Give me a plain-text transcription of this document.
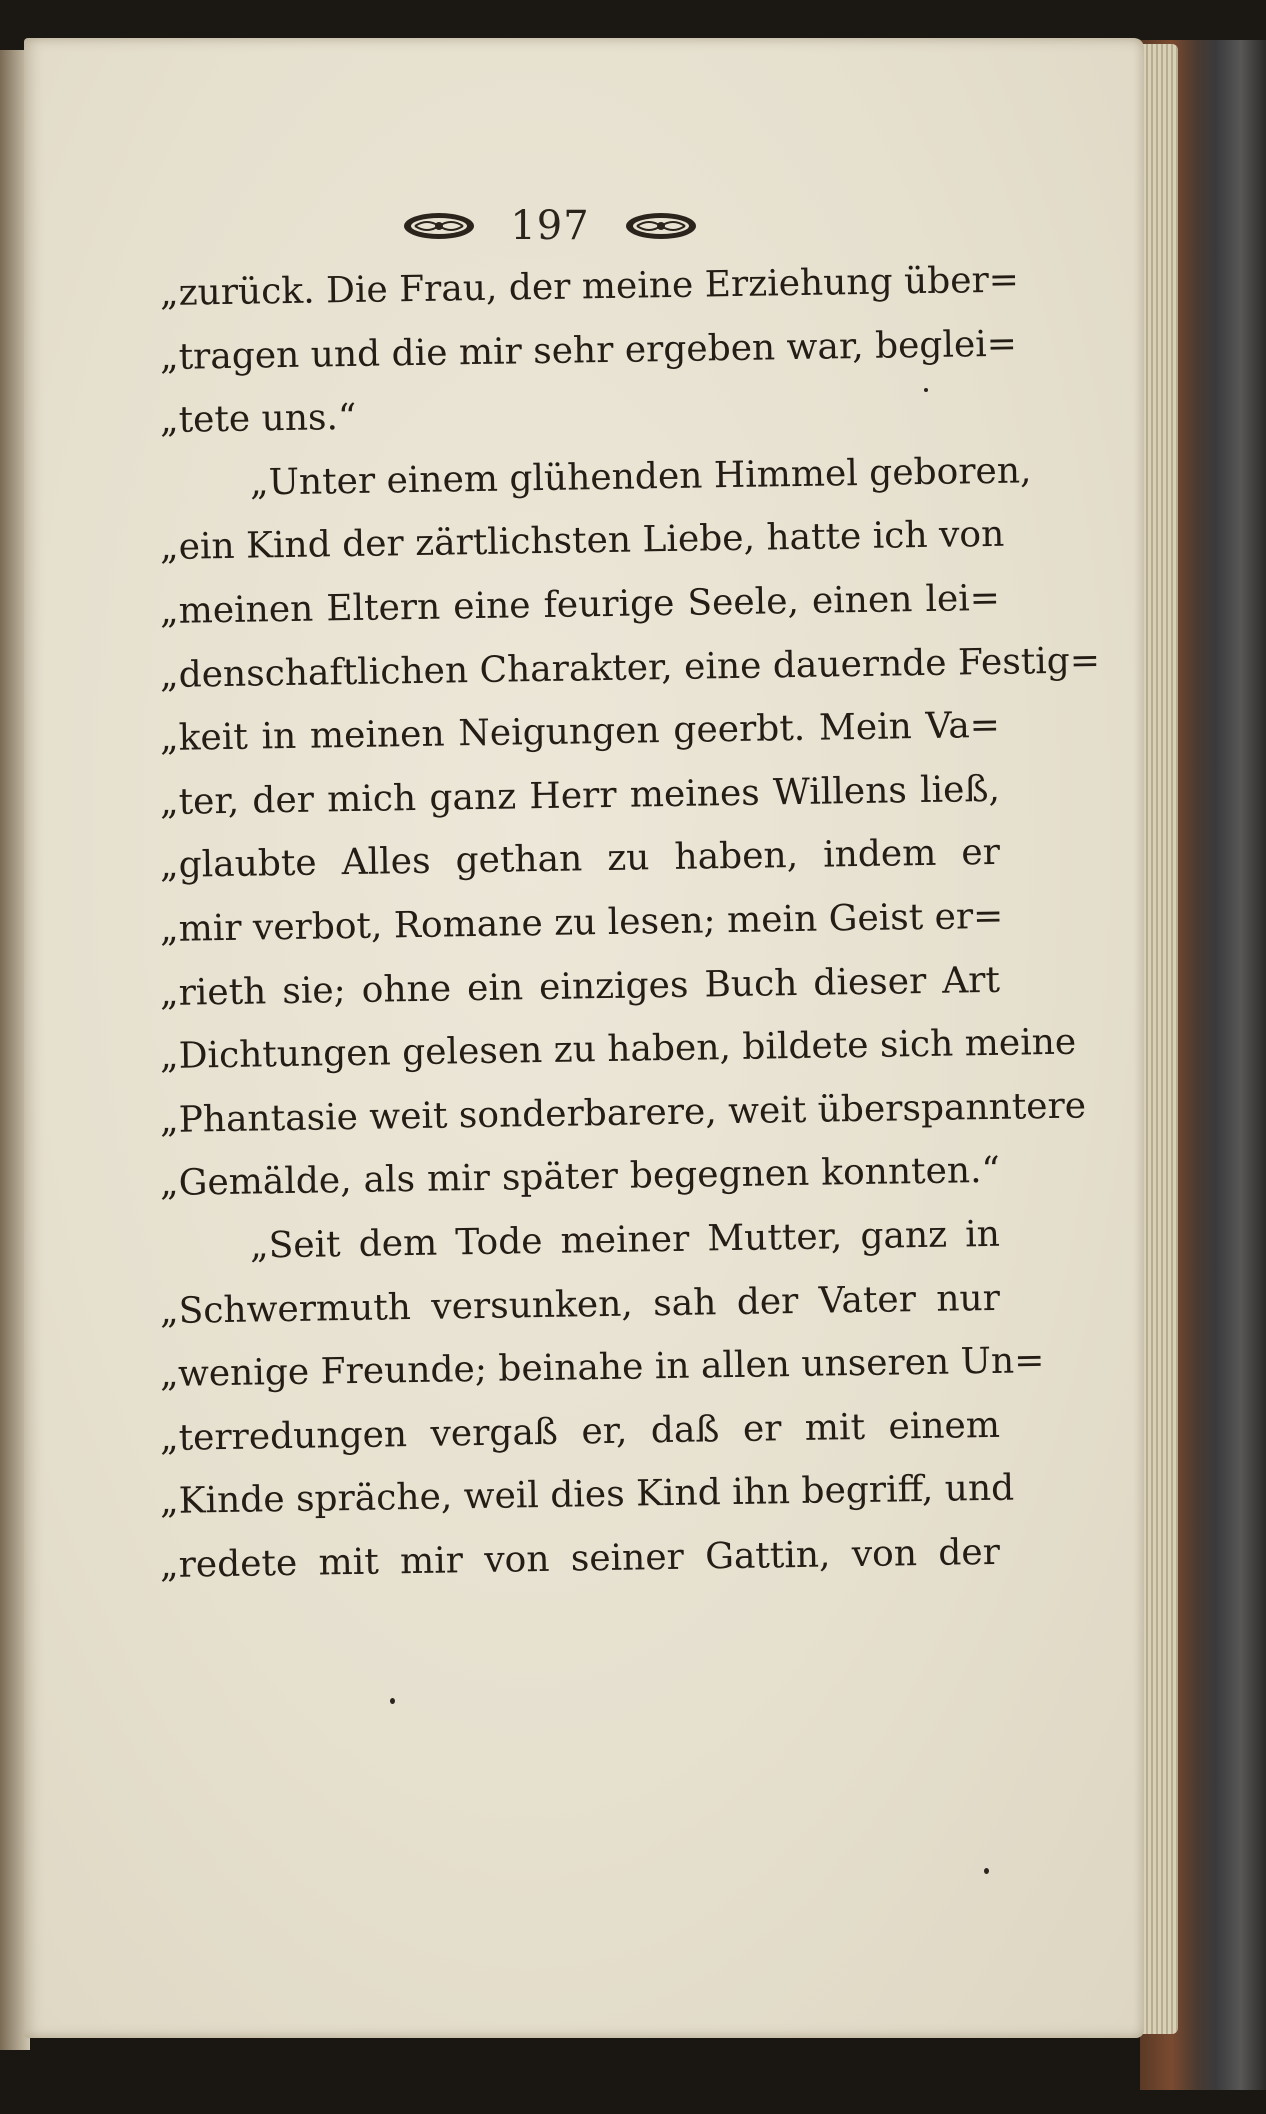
197
„zurück. Die Frau, der meine Erziehung über=
„tragen und die mir sehr ergeben war, beglei=
„tete uns.“
„Unter einem glühenden Himmel geboren,
„ein Kind der zärtlichsten Liebe, hatte ich von
„meinen Eltern eine feurige Seele, einen lei=
„denschaftlichen Charakter, eine dauernde Festig=
„keit in meinen Neigungen geerbt. Mein Va=
„ter, der mich ganz Herr meines Willens ließ,
„glaubte Alles gethan zu haben, indem er
„mir verbot, Romane zu lesen; mein Geist er=
„rieth sie; ohne ein einziges Buch dieser Art
„Dichtungen gelesen zu haben, bildete sich meine
„Phantasie weit sonderbarere, weit überspanntere
„Gemälde, als mir später begegnen konnten.“
„Seit dem Tode meiner Mutter, ganz in
„Schwermuth versunken, sah der Vater nur
„wenige Freunde; beinahe in allen unseren Un=
„terredungen vergaß er, daß er mit einem
„Kinde spräche, weil dies Kind ihn begriff, und
„redete mit mir von seiner Gattin, von der
